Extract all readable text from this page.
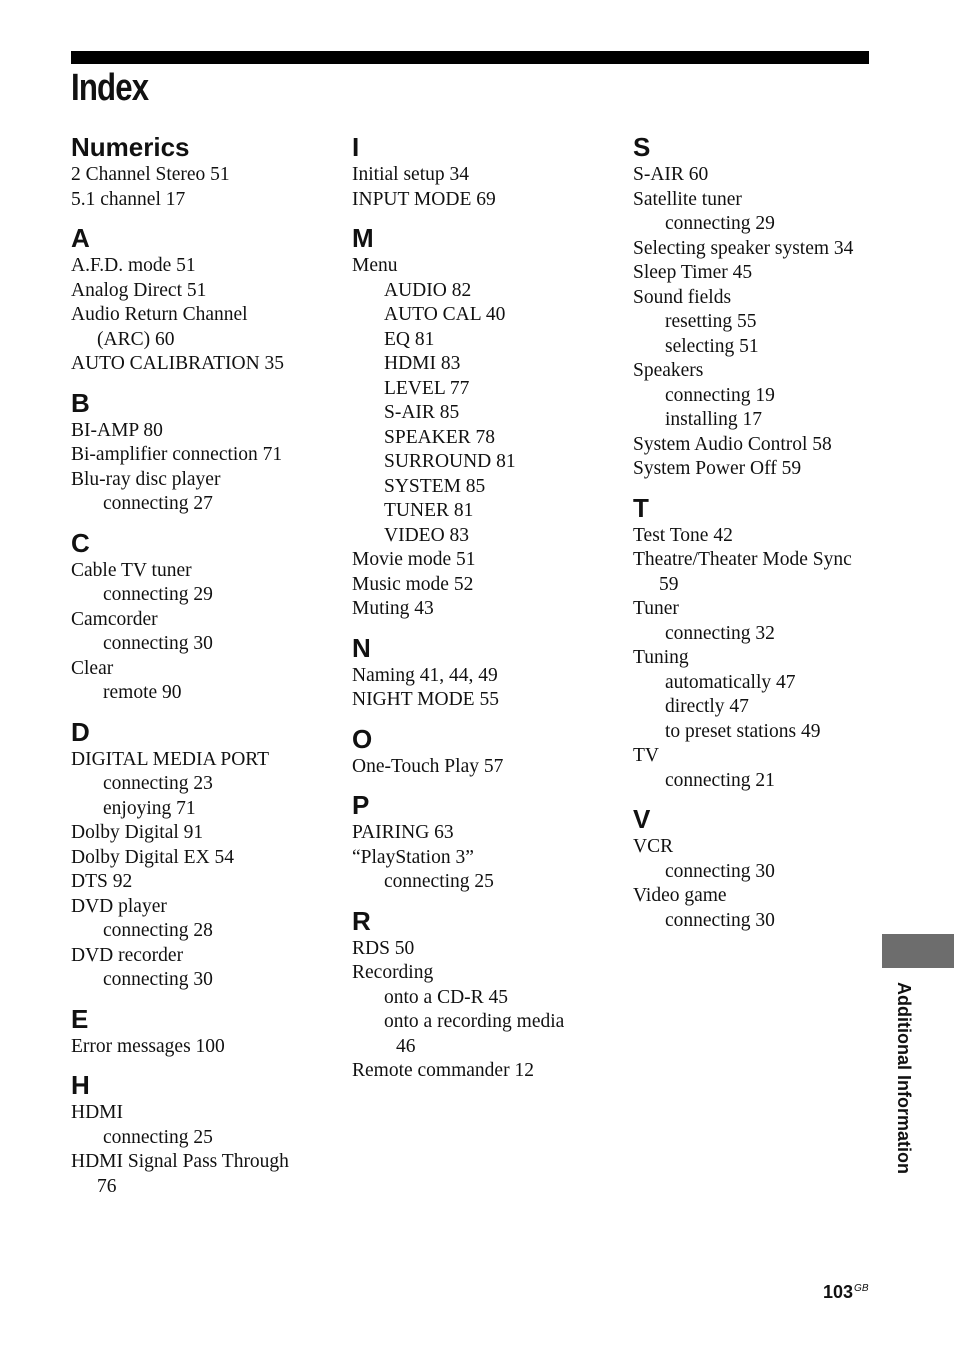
Index
Numerics
2 Channel Stereo 51
5.1 channel 17
A
A.F.D. mode 51
Analog Direct 51
Audio Return Channel
(ARC) 60
AUTO CALIBRATION 35
B
BI-AMP 80
Bi-amplifier connection 71
Blu-ray disc player
connecting 27
C
Cable TV tuner
connecting 29
Camcorder
connecting 30
Clear
remote 90
D
DIGITAL MEDIA PORT
connecting 23
enjoying 71
Dolby Digital 91
Dolby Digital EX 54
DTS 92
DVD player
connecting 28
DVD recorder
connecting 30
E
Error messages 100
H
HDMI
connecting 25
HDMI Signal Pass Through
76
I
Initial setup 34
INPUT MODE 69
M
Menu
AUDIO 82
AUTO CAL 40
EQ 81
HDMI 83
LEVEL 77
S-AIR 85
SPEAKER 78
SURROUND 81
SYSTEM 85
TUNER 81
VIDEO 83
Movie mode 51
Music mode 52
Muting 43
N
Naming 41, 44, 49
NIGHT MODE 55
O
One-Touch Play 57
P
PAIRING 63
“PlayStation 3”
connecting 25
R
RDS 50
Recording
onto a CD-R 45
onto a recording media
46
Remote commander 12
S
S-AIR 60
Satellite tuner
connecting 29
Selecting speaker system 34
Sleep Timer 45
Sound fields
resetting 55
selecting 51
Speakers
connecting 19
installing 17
System Audio Control 58
System Power Off 59
T
Test Tone 42
Theatre/Theater Mode Sync
59
Tuner
connecting 32
Tuning
automatically 47
directly 47
to preset stations 49
TV
connecting 21
V
VCR
connecting 30
Video game
connecting 30
Additional Information
$103^{GB}$
